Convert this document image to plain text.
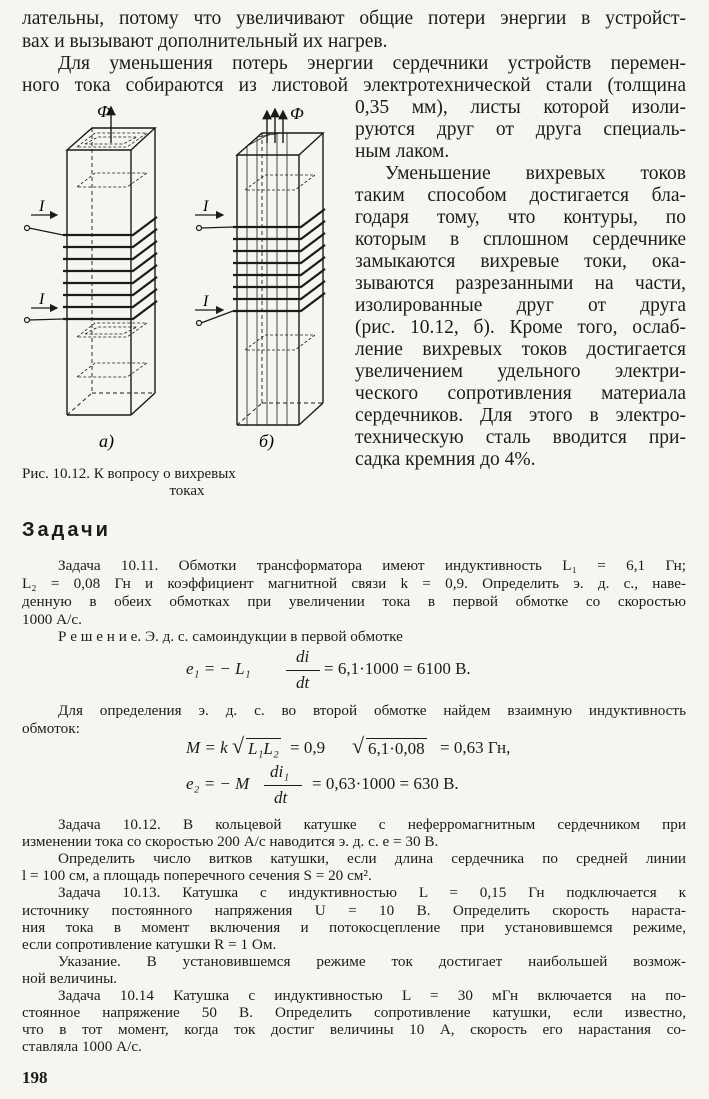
лательны, потому что увеличивают общие потери энергии в устройст-
вах и вызывают дополнительный их нагрев.
Для уменьшения потерь энергии сердечники устройств перемен-
ного тока собираются из листовой электротехнической стали (толщина
0,35 мм), листы которой изоли-
руются друг от друга специаль-
ным лаком.
Уменьшение вихревых токов
таким способом достигается бла-
годаря тому, что контуры, по
которым в сплошном сердечнике
замыкаются вихревые токи, ока-
зываются разрезанными на части,
изолированные друг от друга
(рис. 10.12, б). Кроме того, ослаб-
ление вихревых токов достигается
увеличением удельного электри-
ческого сопротивления материала
сердечников. Для этого в электро-
техническую сталь вводится при-
садка кремния до 4%.
Ф	Ф
I
I
I
I
а)	б)
Рис. 10.12. К вопросу о вихревых
токах
Задачи
Задача 10.11. Обмотки трансформатора имеют индуктивность L₁ = 6,1 Гн;
L₂ = 0,08 Гн и коэффициент магнитной связи k = 0,9. Определить э. д. с., наве-
денную в обеих обмотках при увеличении тока в первой обмотке со скоростью
1000 А/с.
Р е ш е н и е. Э. д. с. самоиндукции в первой обмотке
e₁ = − L₁
di
dt
= 6,1·1000 = 6100 В.
Для определения э. д. с. во второй обмотке найдем взаимную индуктивность
обмоток:
M = k √ L₁L₂ = 0,9 √ 6,1·0,08 = 0,63 Гн,
e₂ = − M
di₁
dt
= 0,63·1000 = 630 В.
Задача 10.12. В кольцевой катушке с неферромагнитным сердечником при
изменении тока со скоростью 200 А/с наводится э. д. с. e = 30 В.
Определить число витков катушки, если длина сердечника по средней линии
l = 100 см, а площадь поперечного сечения S = 20 см².
Задача 10.13. Катушка с индуктивностью L = 0,15 Гн подключается к
источнику постоянного напряжения U = 10 В. Определить скорость нараста-
ния тока в момент включения и потокосцепление при установившемся режиме,
если сопротивление катушки R = 1 Ом.
Указание. В установившемся режиме ток достигает наибольшей возмож-
ной величины.
Задача 10.14 Катушка с индуктивностью L = 30 мГн включается на по-
стоянное напряжение 50 В. Определить сопротивление катушки, если известно,
что в тот момент, когда ток достиг величины 10 А, скорость его нарастания со-
ставляла 1000 А/с.
198
